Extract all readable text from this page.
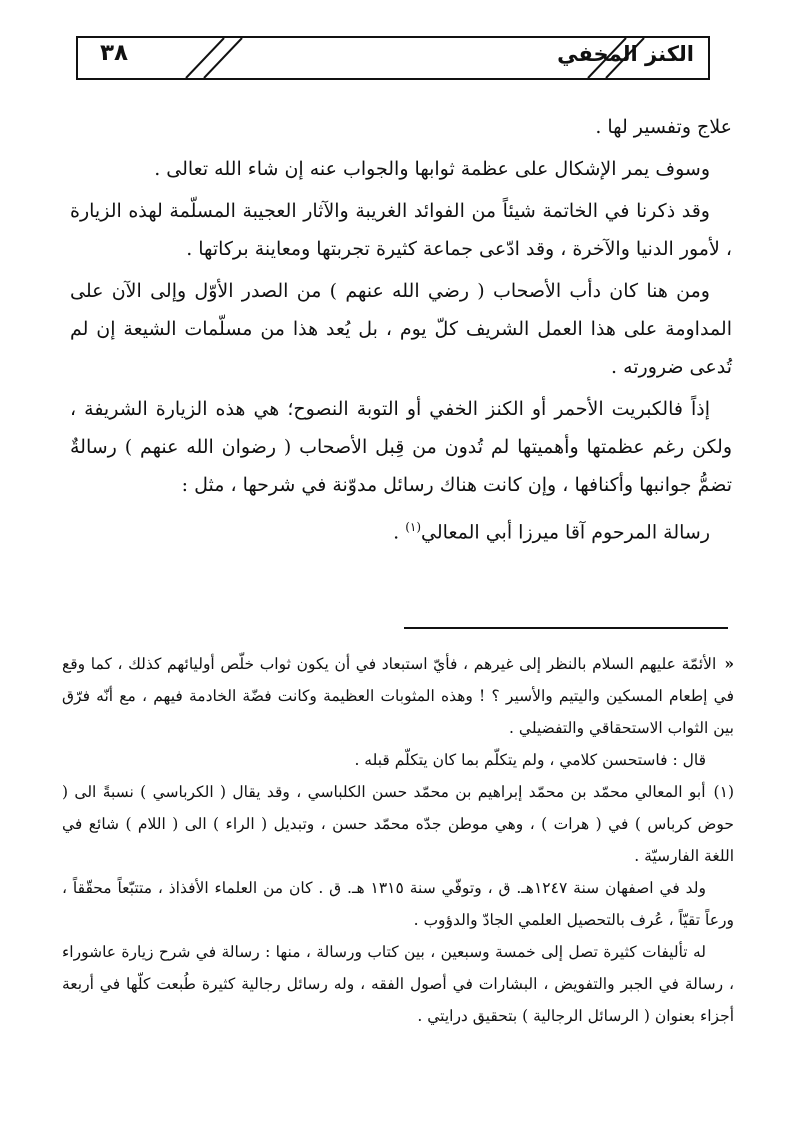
٣٨	الكنز المخفي

علاج وتفسير لها .

وسوف يمر الإشكال على عظمة ثوابها والجواب عنه إن شاء الله تعالى .

وقد ذكرنا في الخاتمة شيئاً من الفوائد الغريبة والآثار العجيبة المسلّمة لهذه الزيارة ، لأمور الدنيا والآخرة ، وقد ادّعى جماعة كثيرة تجربتها ومعاينة بركاتها .

ومن هنا كان دأب الأصحاب ( رضي الله عنهم ) من الصدر الأوّل وإلى الآن على المداومة على هذا العمل الشريف كلّ يوم ، بل يُعد هذا من مسلّمات الشيعة إن لم تُدعى ضرورته .

إذاً فالكبريت الأحمر أو الكنز الخفي أو التوبة النصوح؛ هي هذه الزيارة الشريفة ، ولكن رغم عظمتها وأهميتها لم تُدون من قِبل الأصحاب ( رضوان الله عنهم ) رسالةٌ تضمُّ جوانبها وأكنافها ، وإن كانت هناك رسائل مدوّنة في شرحها ، مثل :

رسالة المرحوم آقا ميرزا أبي المعالي$^{(١)}$ .

«الأئمّة عليهم السلام بالنظر إلى غيرهم ، فأيّ استبعاد في أن يكون ثواب خلّص أوليائهم كذلك ، كما وقع في إطعام المسكين واليتيم والأسير ؟ ! وهذه المثوبات العظيمة وكانت فضّة الخادمة فيهم ، مع أنّه فرّق بين الثواب الاستحقاقي والتفضيلي .

قال : فاستحسن كلامي ، ولم يتكلّم بما كان يتكلّم قبله .

(١)أبو المعالي محمّد بن محمّد إبراهيم بن محمّد حسن الكلباسي ، وقد يقال ( الكرباسي ) نسبةً الى ( حوض كرباس ) في ( هرات ) ، وهي موطن جدّه محمّد حسن ، وتبديل ( الراء ) الى ( اللام ) شائع في اللغة الفارسيّة .

ولد في اصفهان سنة ١٢٤٧هـ. ق ، وتوفّي سنة ١٣١٥ هـ. ق . كان من العلماء الأفذاذ ، متتبّعاً محقّقاً ، ورعاً تقيّاً ، عُرف بالتحصيل العلمي الجادّ والدؤوب .

له تأليفات كثيرة تصل إلى خمسة وسبعين ، بين كتاب ورسالة ، منها : رسالة في شرح زيارة عاشوراء ، رسالة في الجبر والتفويض ، البشارات في أصول الفقه ، وله رسائل رجالية كثيرة طُبعت كلّها في أربعة أجزاء بعنوان ( الرسائل الرجالية ) بتحقيق درايتي .
